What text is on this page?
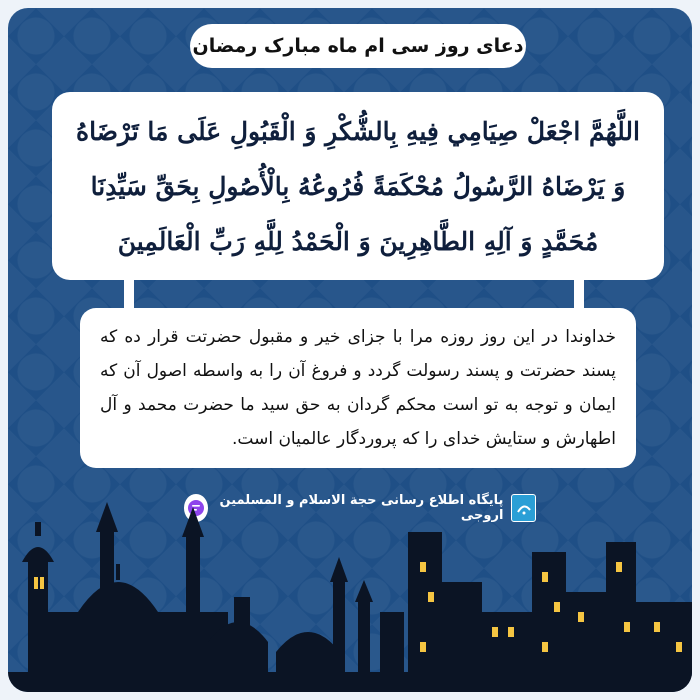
دعای روز سی ام ماه مبارک رمضان
اللَّهُمَّ اجْعَلْ صِيَامِي فِيهِ بِالشُّكْرِ وَ الْقَبُولِ عَلَى مَا تَرْضَاهُ وَ يَرْضَاهُ الرَّسُولُ مُحْكَمَةً فُرُوعُهُ بِالْأُصُولِ بِحَقِّ سَيِّدِنَا مُحَمَّدٍ وَ آلِهِ الطَّاهِرِينَ وَ الْحَمْدُ لِلَّهِ رَبِّ الْعَالَمِينَ
خداوندا در این روز روزه مرا با جزای خیر و مقبول حضرتت قرار ده که پسند حضرتت و پسند رسولت گردد و فروغ آن را به واسطه اصول آن که ایمان و توجه به تو است محکم گردان به حق سید ما حضرت محمد و آل اطهارش و ستایش خدای را که پروردگار عالمیان است.
پایگاه اطلاع رسانی حجة الاسلام و المسلمین اروجی
